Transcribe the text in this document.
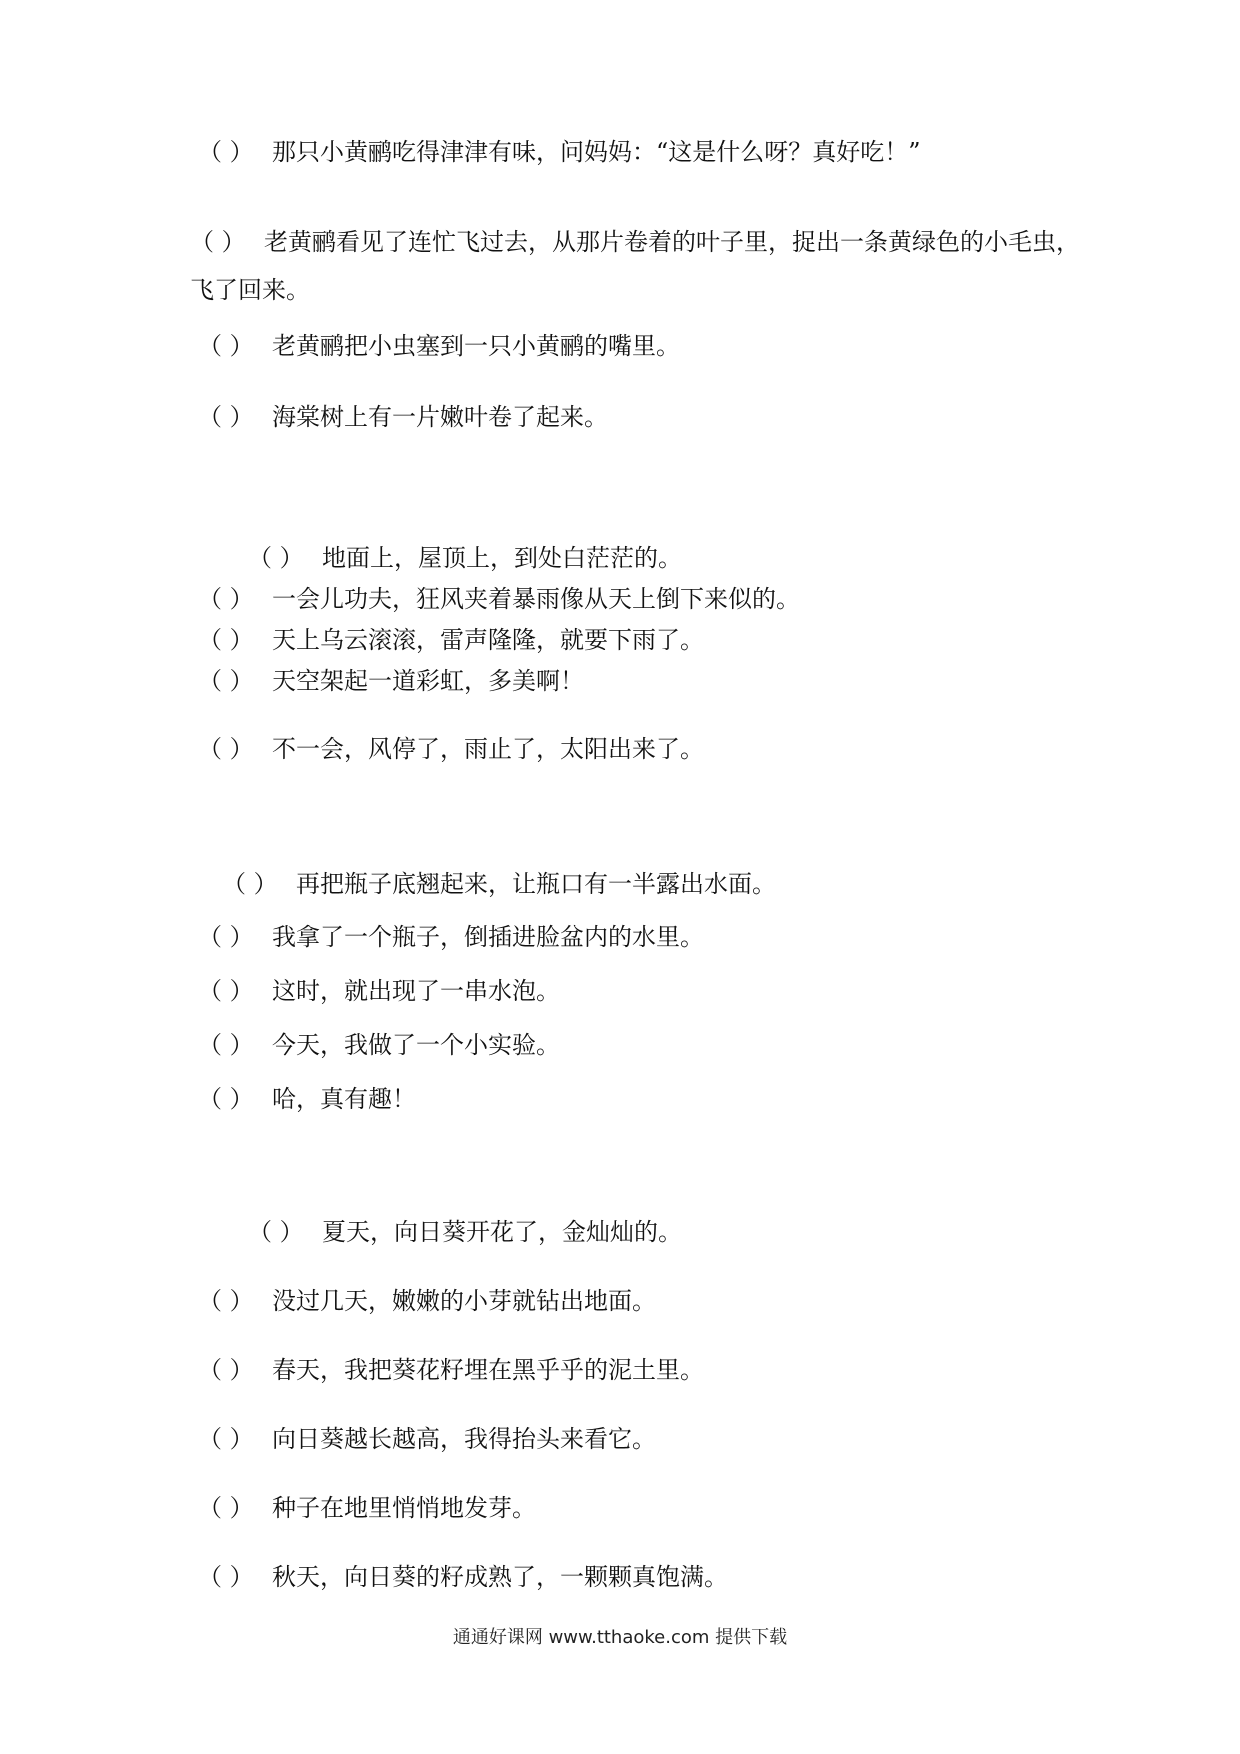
（ ） 那只小黄鹂吃得津津有味，问妈妈：“这是什么呀？真好吃！”

（ ） 老黄鹂看见了连忙飞过去，从那片卷着的叶子里，捉出一条黄绿色的小毛虫，飞了回来。

（ ） 老黄鹂把小虫塞到一只小黄鹂的嘴里。

（ ） 海棠树上有一片嫩叶卷了起来。

（ ） 地面上，屋顶上，到处白茫茫的。

（ ） 一会儿功夫，狂风夹着暴雨像从天上倒下来似的。

（ ） 天上乌云滚滚，雷声隆隆，就要下雨了。

（ ） 天空架起一道彩虹，多美啊！

（ ） 不一会，风停了，雨止了，太阳出来了。

（ ） 再把瓶子底翘起来，让瓶口有一半露出水面。

（ ） 我拿了一个瓶子，倒插进脸盆内的水里。

（ ） 这时，就出现了一串水泡。

（ ） 今天，我做了一个小实验。

（ ） 哈，真有趣！

（ ） 夏天，向日葵开花了，金灿灿的。

（ ） 没过几天，嫩嫩的小芽就钻出地面。

（ ） 春天，我把葵花籽埋在黑乎乎的泥土里。

（ ） 向日葵越长越高，我得抬头来看它。

（ ） 种子在地里悄悄地发芽。

（ ） 秋天，向日葵的籽成熟了，一颗颗真饱满。

通通好课网 www.tthaoke.com 提供下载
